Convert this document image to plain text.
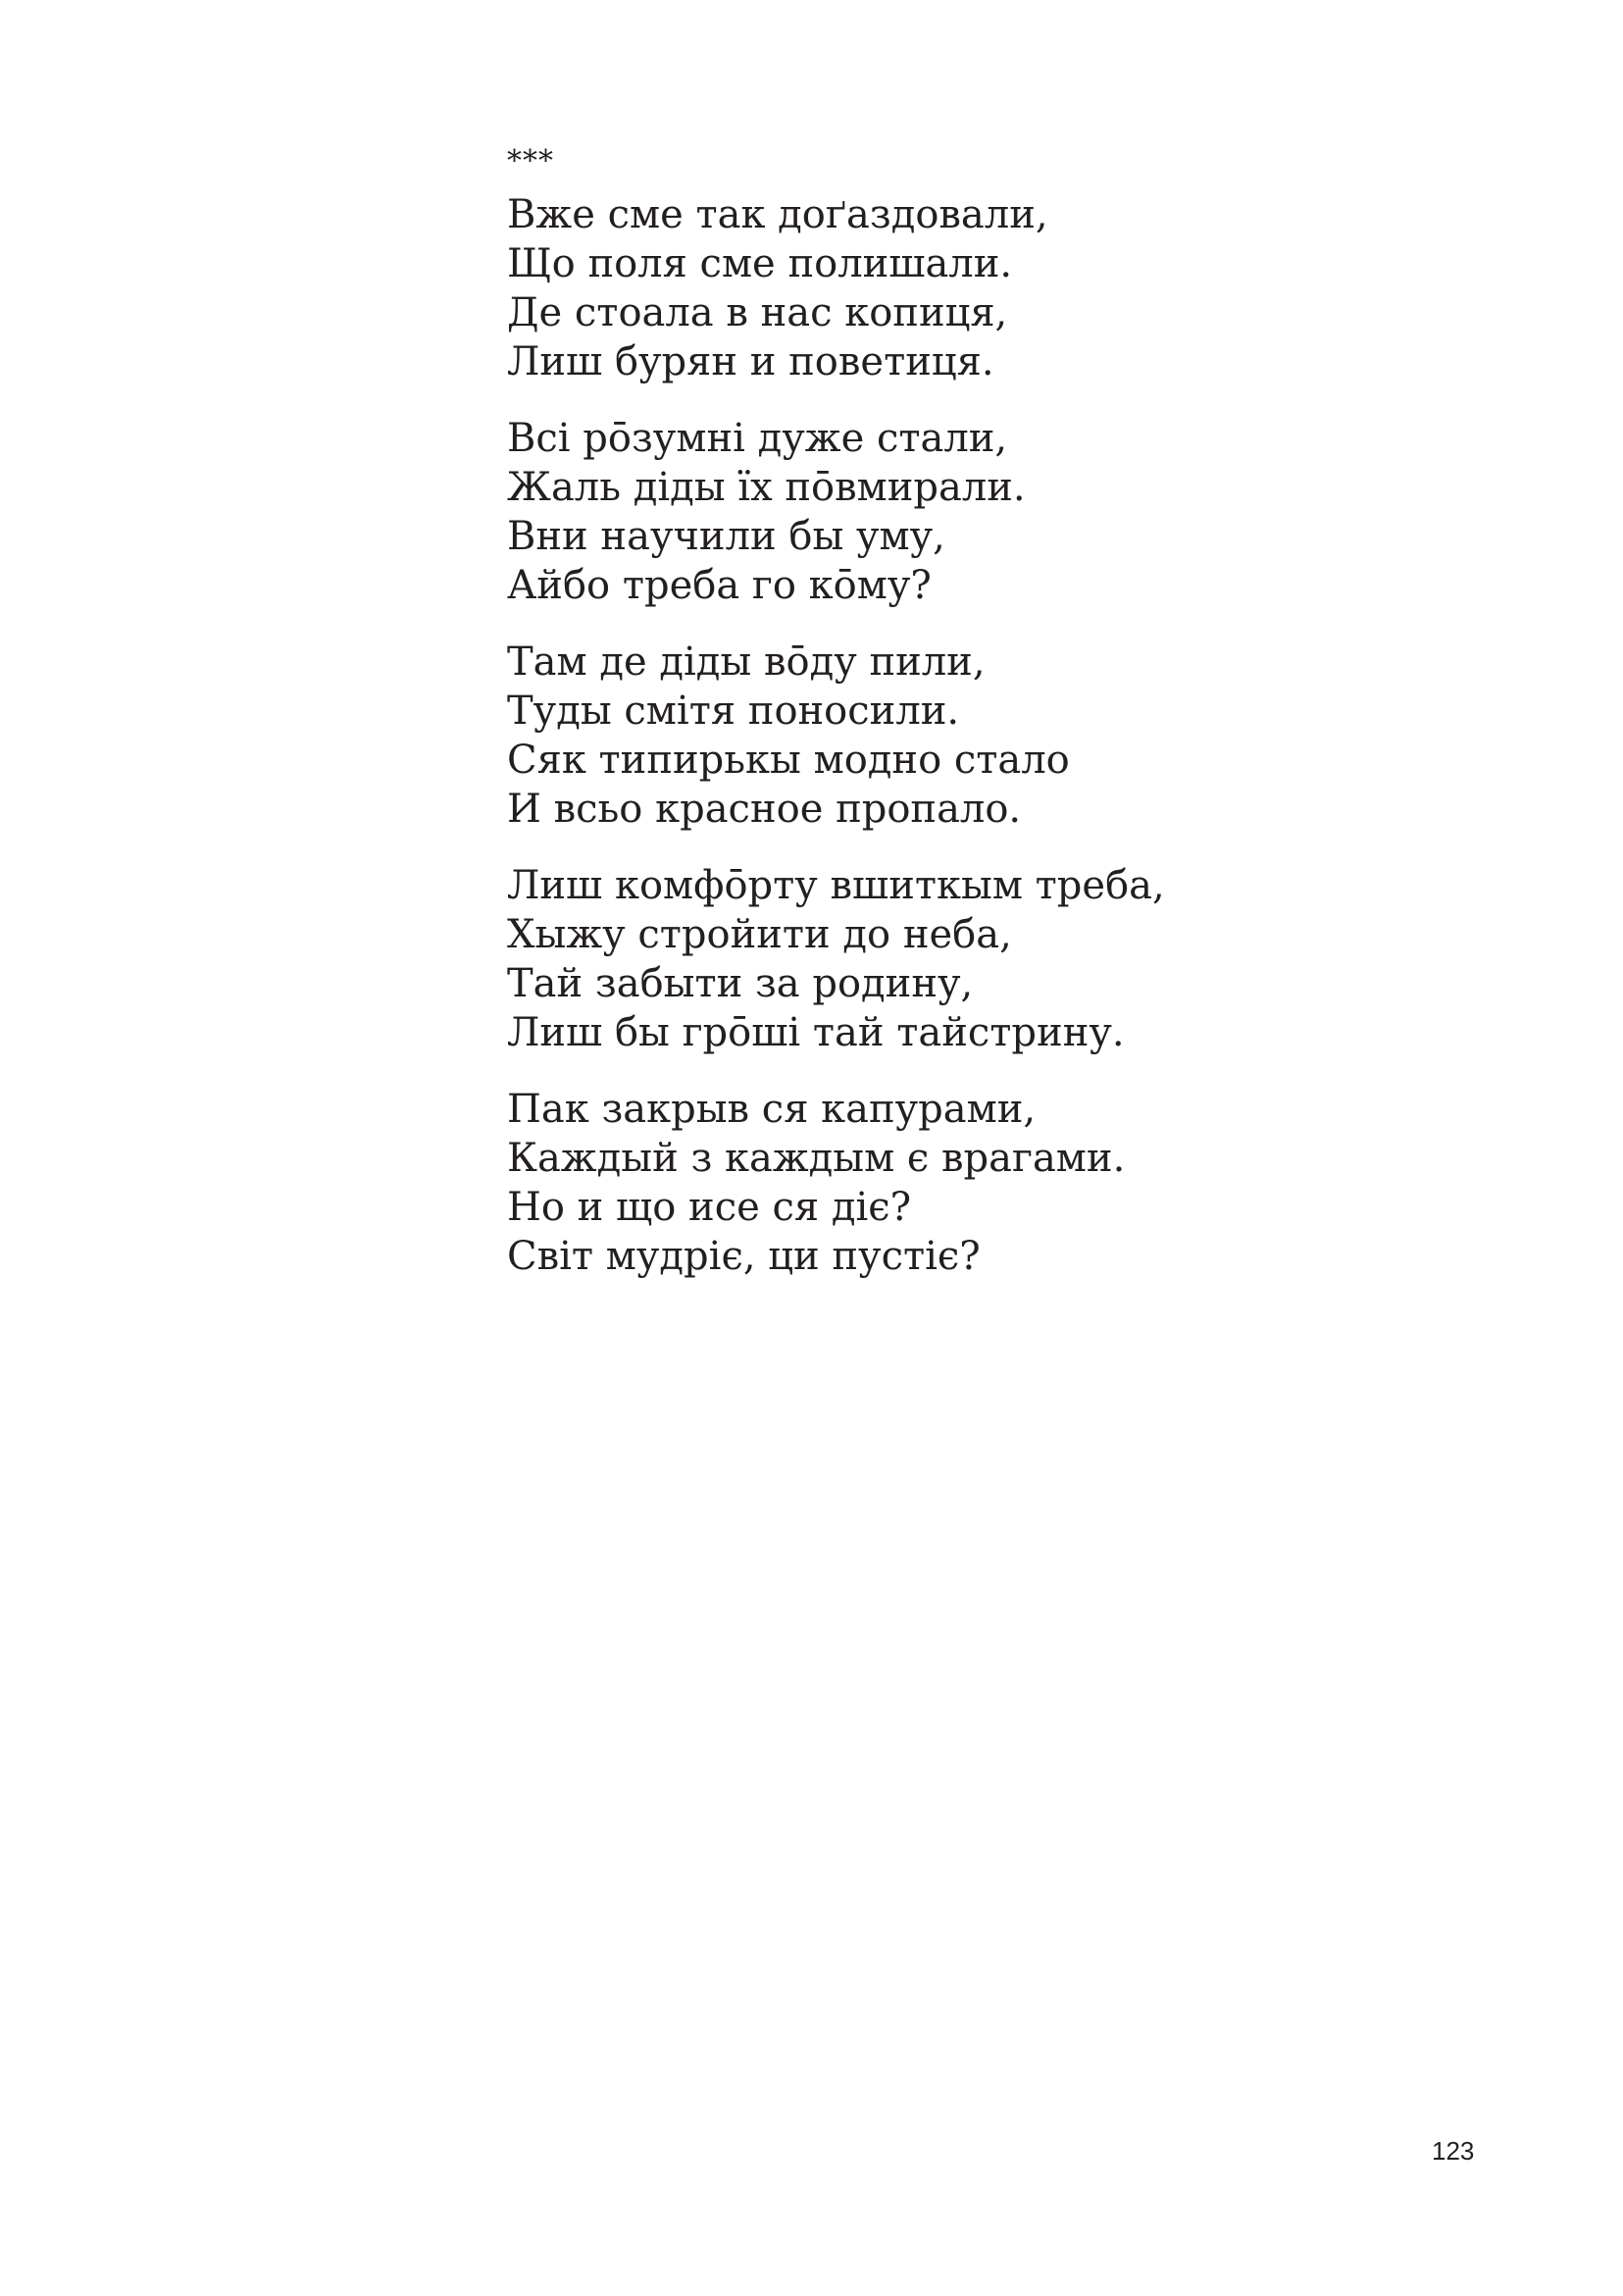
***
Вже сме так доґаздовали,
Що поля сме полишали.
Де стоала в нас копиця,
Лиш бурян и поветиця.
Всі рōзумні дуже стали,
Жаль діды їх пōвмирали.
Вни научили бы уму,
Айбо треба го кōму?
Там де діды вōду пили,
Туды смітя поносили.
Сяк типирькы модно стало
И всьо красное пропало.
Лиш комфōрту вшиткым треба,
Хыжу стройити до неба,
Тай забыти за родину,
Лиш бы грōші тай тайстрину.
Пак закрыв ся капурами,
Каждый з каждым є врагами.
Но и що исе ся діє?
Світ мудріє, ци пустіє?
123
